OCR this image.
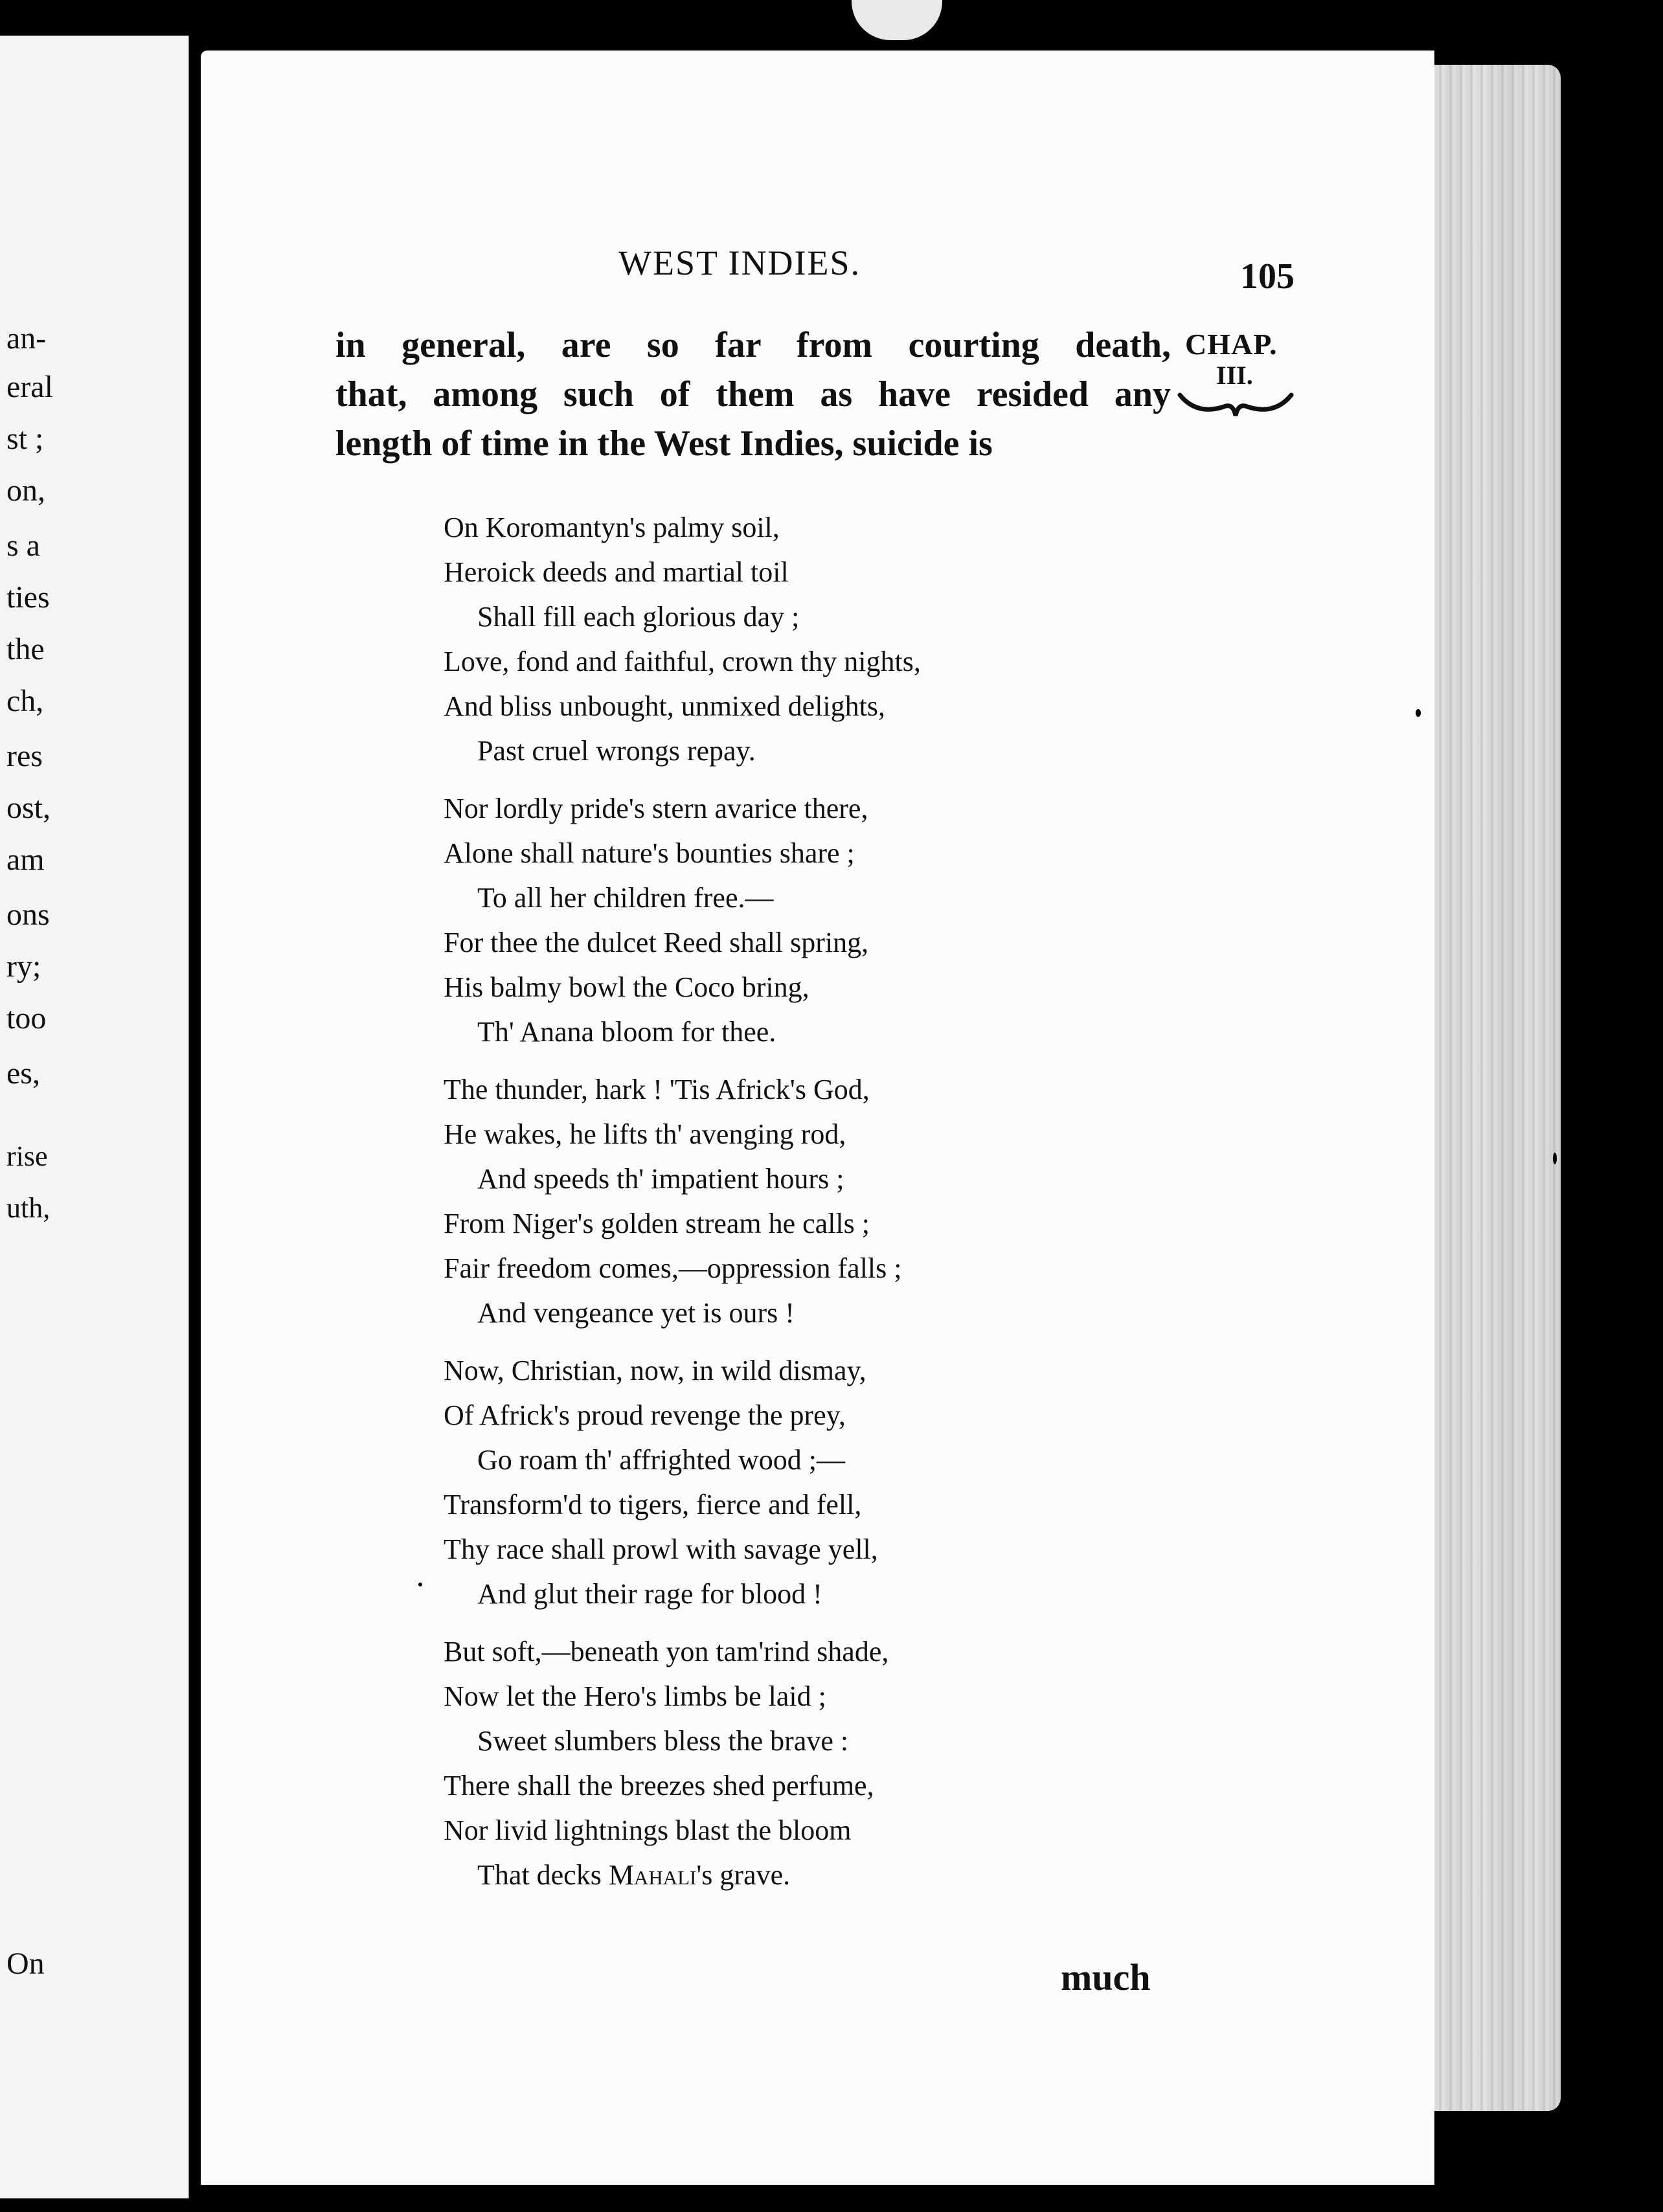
an-
eral
st ;
on,
s a
ties
the
ch,
res
ost,
am
ons
ry;
too
es,
rise
uth,
On
WEST INDIES.	105
CHAP.
III.
in general, are so far from courting death,
that, among such of them as have resided any
length of time in the West Indies, suicide is
On Koromantyn's palmy soil,
Heroick deeds and martial toil
Shall fill each glorious day ;
Love, fond and faithful, crown thy nights,
And bliss unbought, unmixed delights,
Past cruel wrongs repay.
Nor lordly pride's stern avarice there,
Alone shall nature's bounties share ;
To all her children free.—
For thee the dulcet Reed shall spring,
His balmy bowl the Coco bring,
Th' Anana bloom for thee.
The thunder, hark ! 'Tis Africk's God,
He wakes, he lifts th' avenging rod,
And speeds th' impatient hours ;
From Niger's golden stream he calls ;
Fair freedom comes,—oppression falls ;
And vengeance yet is ours !
Now, Christian, now, in wild dismay,
Of Africk's proud revenge the prey,
Go roam th' affrighted wood ;—
Transform'd to tigers, fierce and fell,
Thy race shall prowl with savage yell,
And glut their rage for blood !
But soft,—beneath yon tam'rind shade,
Now let the Hero's limbs be laid ;
Sweet slumbers bless the brave :
There shall the breezes shed perfume,
Nor livid lightnings blast the bloom
That decks Mahali's grave.
much
